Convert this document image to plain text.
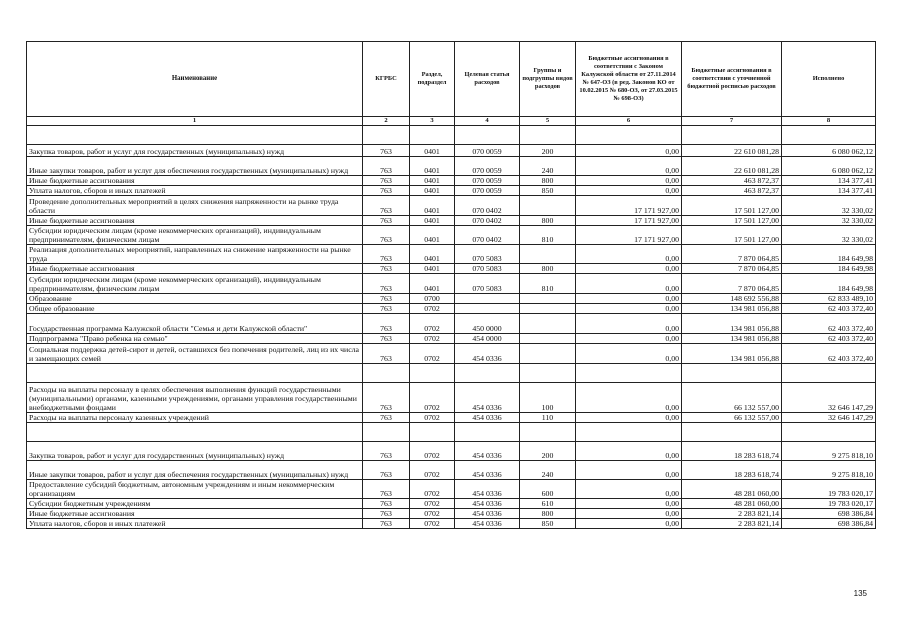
Наименование	КГРБС	Раздел, подраздел	Целевая статья расходов	Группы и подгруппы видов расходов	Бюджетные ассигнования в соответствии с Законом Калужской области от 27.11.2014 № 647-ОЗ (в ред. Законов КО от 10.02.2015 № 680-ОЗ, от 27.03.2015 № 698-ОЗ)	Бюджетные ассигнования в соответствии с уточненной бюджетной росписью расходов	Исполнено
1	2	3	4	5	6	7	8

Закупка товаров, работ и услуг для государственных (муниципальных) нужд	763	0401	070 0059	200	0,00	22 610 081,28	6 080 062,12
Иные закупки товаров, работ и услуг для обеспечения государственных (муниципальных) нужд	763	0401	070 0059	240	0,00	22 610 081,28	6 080 062,12
Иные бюджетные ассигнования	763	0401	070 0059	800	0,00	463 872,37	134 377,41
Уплата налогов, сборов и иных платежей	763	0401	070 0059	850	0,00	463 872,37	134 377,41
Проведение дополнительных мероприятий в целях снижения напряженности на рынке труда области	763	0401	070 0402		17 171 927,00	17 501 127,00	32 330,02
Иные бюджетные ассигнования	763	0401	070 0402	800	17 171 927,00	17 501 127,00	32 330,02
Субсидии юридическим лицам (кроме некоммерческих организаций), индивидуальным предпринимателям, физическим лицам	763	0401	070 0402	810	17 171 927,00	17 501 127,00	32 330,02
Реализация дополнительных мероприятий, направленных на снижение напряженности на рынке труда	763	0401	070 5083		0,00	7 870 064,85	184 649,98
Иные бюджетные ассигнования	763	0401	070 5083	800	0,00	7 870 064,85	184 649,98
Субсидии юридическим лицам (кроме некоммерческих организаций), индивидуальным предпринимателям, физическим лицам	763	0401	070 5083	810	0,00	7 870 064,85	184 649,98
Образование	763	0700			0,00	148 692 556,88	62 833 489,10
Общее образование	763	0702			0,00	134 981 056,88	62 403 372,40
Государственная программа Калужской области "Семья и дети Калужской области"	763	0702	450 0000		0,00	134 981 056,88	62 403 372,40
Подпрограмма "Право ребенка на семью"	763	0702	454 0000		0,00	134 981 056,88	62 403 372,40
Социальная поддержка детей-сирот и детей, оставшихся без попечения родителей, лиц из их числа и замещающих семей	763	0702	454 0336		0,00	134 981 056,88	62 403 372,40

Расходы на выплаты персоналу в целях обеспечения выполнения функций государственными (муниципальными) органами, казенными учреждениями, органами управления государственными внебюджетными фондами	763	0702	454 0336	100	0,00	66 132 557,00	32 646 147,29
Расходы на выплаты персоналу казенных учреждений	763	0702	454 0336	110	0,00	66 132 557,00	32 646 147,29

Закупка товаров, работ и услуг для государственных (муниципальных) нужд	763	0702	454 0336	200	0,00	18 283 618,74	9 275 818,10
Иные закупки товаров, работ и услуг для обеспечения государственных (муниципальных) нужд	763	0702	454 0336	240	0,00	18 283 618,74	9 275 818,10
Предоставление субсидий бюджетным, автономным учреждениям и иным некоммерческим организациям	763	0702	454 0336	600	0,00	48 281 060,00	19 783 020,17
Субсидии бюджетным учреждениям	763	0702	454 0336	610	0,00	48 281 060,00	19 783 020,17
Иные бюджетные ассигнования	763	0702	454 0336	800	0,00	2 283 821,14	698 386,84
Уплата налогов, сборов и иных платежей	763	0702	454 0336	850	0,00	2 283 821,14	698 386,84
135
